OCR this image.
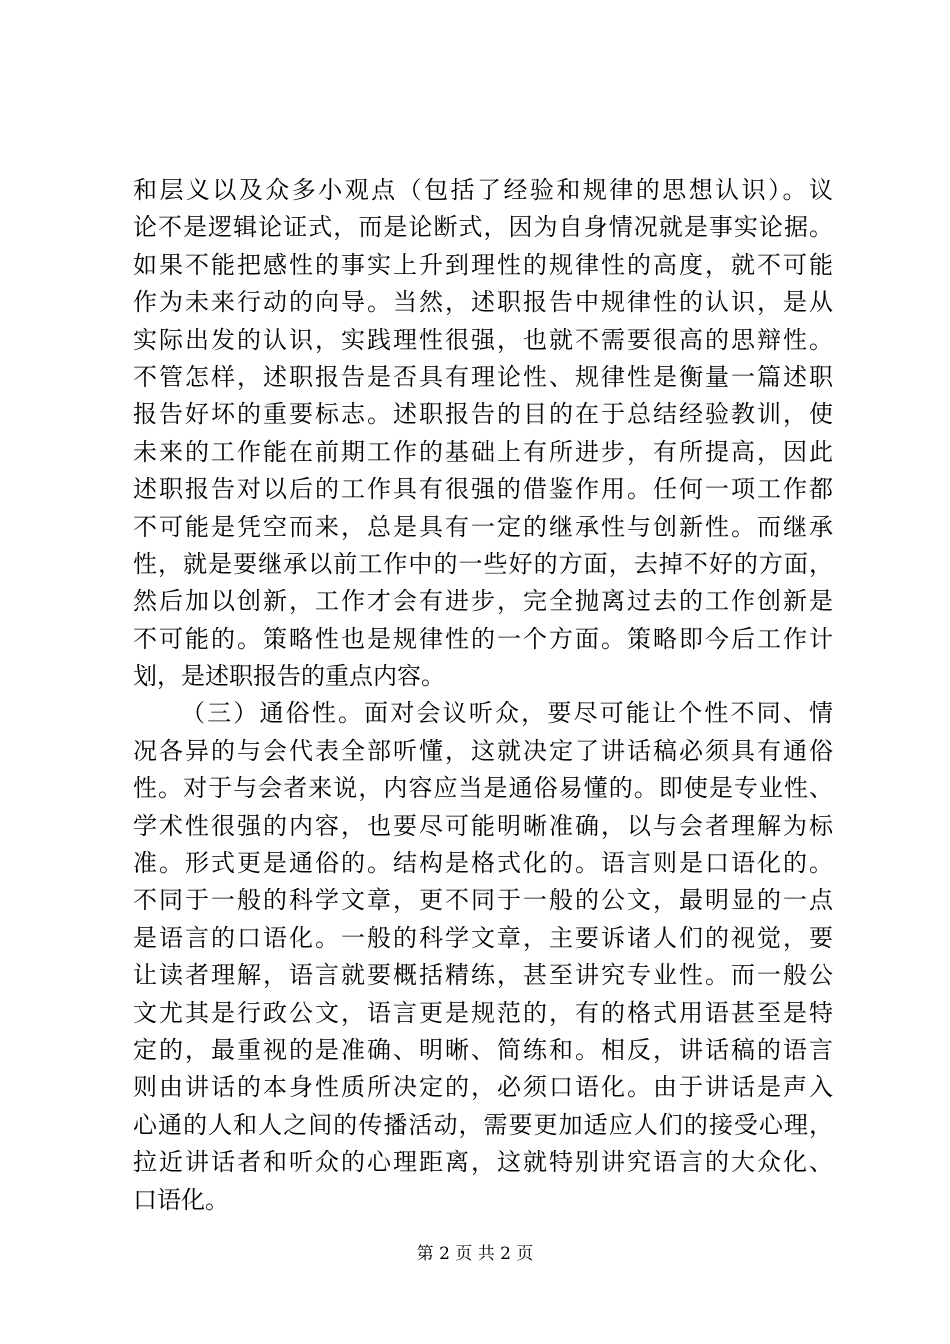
和层义以及众多小观点（包括了经验和规律的思想认识）。议
论不是逻辑论证式，而是论断式，因为自身情况就是事实论据。
如果不能把感性的事实上升到理性的规律性的高度，就不可能
作为未来行动的向导。当然，述职报告中规律性的认识，是从
实际出发的认识，实践理性很强，也就不需要很高的思辩性。
不管怎样，述职报告是否具有理论性、规律性是衡量一篇述职
报告好坏的重要标志。述职报告的目的在于总结经验教训，使
未来的工作能在前期工作的基础上有所进步，有所提高，因此
述职报告对以后的工作具有很强的借鉴作用。任何一项工作都
不可能是凭空而来，总是具有一定的继承性与创新性。而继承
性，就是要继承以前工作中的一些好的方面，去掉不好的方面，
然后加以创新，工作才会有进步，完全抛离过去的工作创新是
不可能的。策略性也是规律性的一个方面。策略即今后工作计
划，是述职报告的重点内容。
（三）通俗性。面对会议听众，要尽可能让个性不同、情
况各异的与会代表全部听懂，这就决定了讲话稿必须具有通俗
性。对于与会者来说，内容应当是通俗易懂的。即使是专业性、
学术性很强的内容，也要尽可能明晰准确，以与会者理解为标
准。形式更是通俗的。结构是格式化的。语言则是口语化的。
不同于一般的科学文章，更不同于一般的公文，最明显的一点
是语言的口语化。一般的科学文章，主要诉诸人们的视觉，要
让读者理解，语言就要概括精练，甚至讲究专业性。而一般公
文尤其是行政公文，语言更是规范的，有的格式用语甚至是特
定的，最重视的是准确、明晰、简练和。相反，讲话稿的语言
则由讲话的本身性质所决定的，必须口语化。由于讲话是声入
心通的人和人之间的传播活动，需要更加适应人们的接受心理，
拉近讲话者和听众的心理距离，这就特别讲究语言的大众化、
口语化。
第 2 页 共 2 页
